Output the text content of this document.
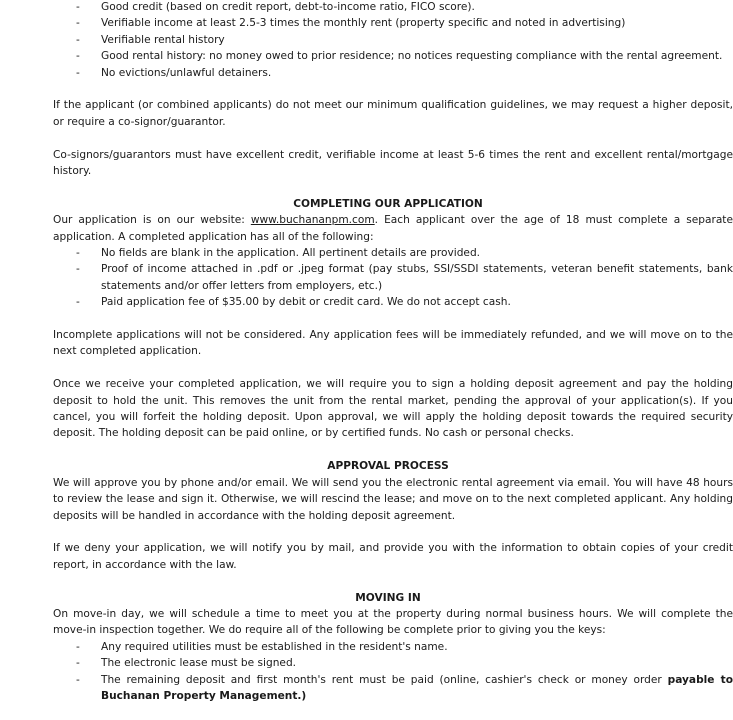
- Good credit (based on credit report, debt-to-income ratio, FICO score).
- Verifiable income at least 2.5-3 times the monthly rent (property specific and noted in advertising)
- Verifiable rental history
- Good rental history: no money owed to prior residence; no notices requesting compliance with the rental agreement.
- No evictions/unlawful detainers.

If the applicant (or combined applicants) do not meet our minimum qualification guidelines, we may request a higher deposit, or require a co-signor/guarantor.

Co-signors/guarantors must have excellent credit, verifiable income at least 5-6 times the rent and excellent rental/mortgage history.

COMPLETING OUR APPLICATION

Our application is on our website: www.buchananpm.com. Each applicant over the age of 18 must complete a separate application. A completed application has all of the following:

- No fields are blank in the application. All pertinent details are provided.
- Proof of income attached in .pdf or .jpeg format (pay stubs, SSI/SSDI statements, veteran benefit statements, bank statements and/or offer letters from employers, etc.)
- Paid application fee of $35.00 by debit or credit card. We do not accept cash.

Incomplete applications will not be considered. Any application fees will be immediately refunded, and we will move on to the next completed application.

Once we receive your completed application, we will require you to sign a holding deposit agreement and pay the holding deposit to hold the unit. This removes the unit from the rental market, pending the approval of your application(s). If you cancel, you will forfeit the holding deposit. Upon approval, we will apply the holding deposit towards the required security deposit. The holding deposit can be paid online, or by certified funds. No cash or personal checks.

APPROVAL PROCESS

We will approve you by phone and/or email. We will send you the electronic rental agreement via email. You will have 48 hours to review the lease and sign it. Otherwise, we will rescind the lease; and move on to the next completed applicant. Any holding deposits will be handled in accordance with the holding deposit agreement.

If we deny your application, we will notify you by mail, and provide you with the information to obtain copies of your credit report, in accordance with the law.

MOVING IN

On move-in day, we will schedule a time to meet you at the property during normal business hours. We will complete the move-in inspection together. We do require all of the following be complete prior to giving you the keys:

- Any required utilities must be established in the resident's name.
- The electronic lease must be signed.
- The remaining deposit and first month's rent must be paid (online, cashier's check or money order payable to Buchanan Property Management.)
